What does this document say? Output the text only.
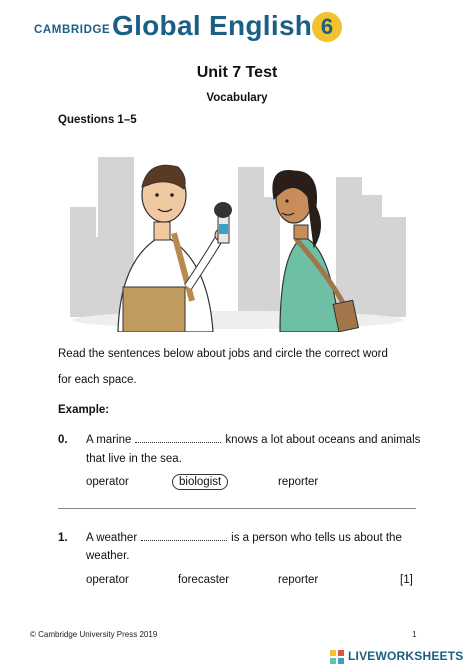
CAMBRIDGE Global English 6
Unit 7 Test
Vocabulary
Questions 1–5
Read the sentences below about jobs and circle the correct word
for each space.
Example:
0. A marine	knows a lot about oceans and animals
that live in the sea.
operator	biologist	reporter
1. A weather	is a person who tells us about the
weather.
operator	forecaster	reporter	[1]
© Cambridge University Press 2019	1
LIVEWORKSHEETS
